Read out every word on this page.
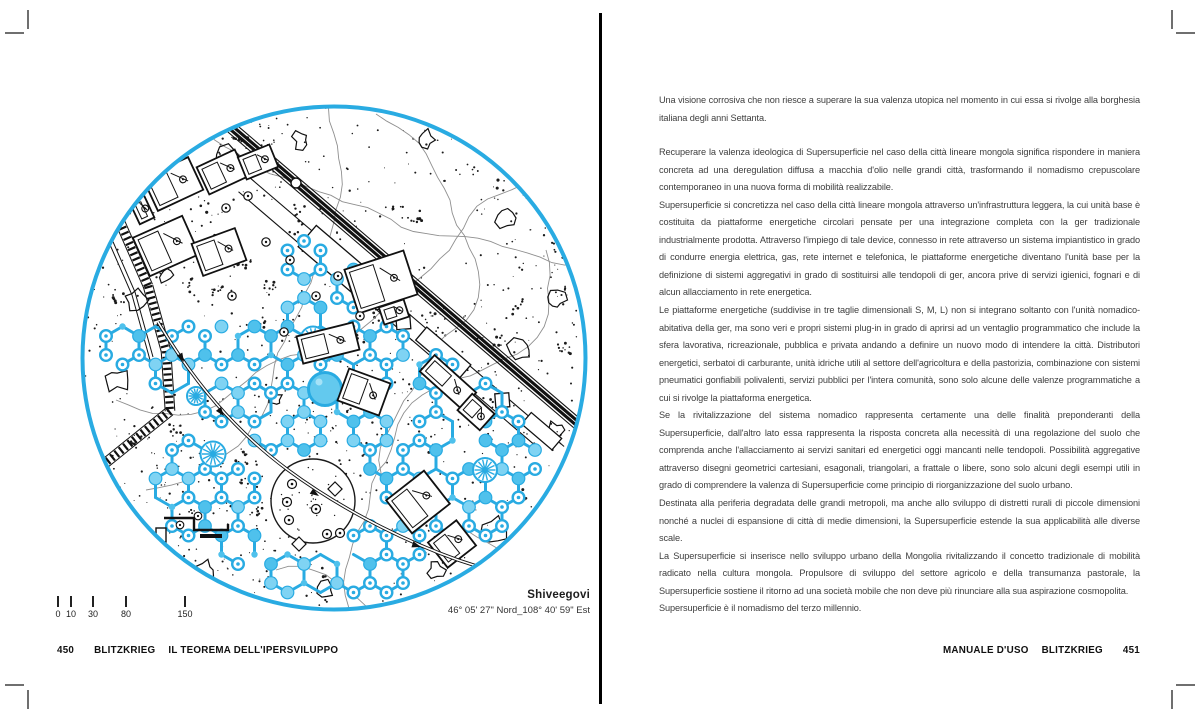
0 10 30	80	150
Shiveegovi
46° 05' 27" Nord_108° 40' 59" Est
450 BLITZKRIEG IL TEOREMA DELL'IPERSVILUPPO

Una visione corrosiva che non riesce a superare la sua valenza utopica nel momento in cui essa si rivolge alla borghesia italiana degli anni Settanta.

Recuperare la valenza ideologica di Supersuperficie nel caso della città lineare mongola significa rispondere in maniera concreta ad una deregulation diffusa a macchia d'olio nelle grandi città, trasformando il nomadismo crepuscolare contemporaneo in una nuova forma di mobilità realizzabile.

Supersuperficie si concretizza nel caso della città lineare mongola attraverso un'infrastruttura leggera, la cui unità base è costituita da piattaforme energetiche circolari pensate per una integrazione completa con la ger tradizionale industrialmente prodotta. Attraverso l'impiego di tale device, connesso in rete attraverso un sistema impiantistico in grado di condurre energia elettrica, gas, rete internet e telefonica, le piattaforme energetiche diventano l'unità base per la definizione di sistemi aggregativi in grado di sostituirsi alle tendopoli di ger, ancora prive di servizi igienici, fognari e di alcun allacciamento in rete energetica.

Le piattaforme energetiche (suddivise in tre taglie dimensionali S, M, L) non si integrano soltanto con l'unità nomadico-abitativa della ger, ma sono veri e propri sistemi plug-in in grado di aprirsi ad un ventaglio programmatico che include la sfera lavorativa, ricreazionale, pubblica e privata andando a definire un nuovo modo di intendere la città. Distributori energetici, serbatoi di carburante, unità idriche utili al settore dell'agricoltura e della pastorizia, combinazione con sistemi pneumatici gonfiabili polivalenti, servizi pubblici per l'intera comunità, sono solo alcune delle valenze programmatiche a cui si rivolge la piattaforma energetica.

Se la rivitalizzazione del sistema nomadico rappresenta certamente una delle finalità preponderanti della Supersuperficie, dall'altro lato essa rappresenta la risposta concreta alla necessità di una regolazione del suolo che comprenda anche l'allacciamento ai servizi sanitari ed energetici oggi mancanti nelle tendopoli. Possibilità aggregative attraverso disegni geometrici cartesiani, esagonali, triangolari, a frattale o libere, sono solo alcuni degli esempi utili in grado di comprendere la valenza di Supersuperficie come principio di riorganizzazione del suolo urbano.

Destinata alla periferia degradata delle grandi metropoli, ma anche allo sviluppo di distretti rurali di piccole dimensioni nonché a nuclei di espansione di città di medie dimensioni, la Supersuperficie estende la sua applicabilità alle diverse scale.

La Supersuperficie si inserisce nello sviluppo urbano della Mongolia rivitalizzando il concetto tradizionale di mobilità radicato nella cultura mongola. Propulsore di sviluppo del settore agricolo e della transumanza pastorale, la Supersuperficie sostiene il ritorno ad una società mobile che non deve più rinunciare alla sua aspirazione cosmopolita.

Supersuperficie è il nomadismo del terzo millennio.

MANUALE D'USO BLITZKRIEG 451
